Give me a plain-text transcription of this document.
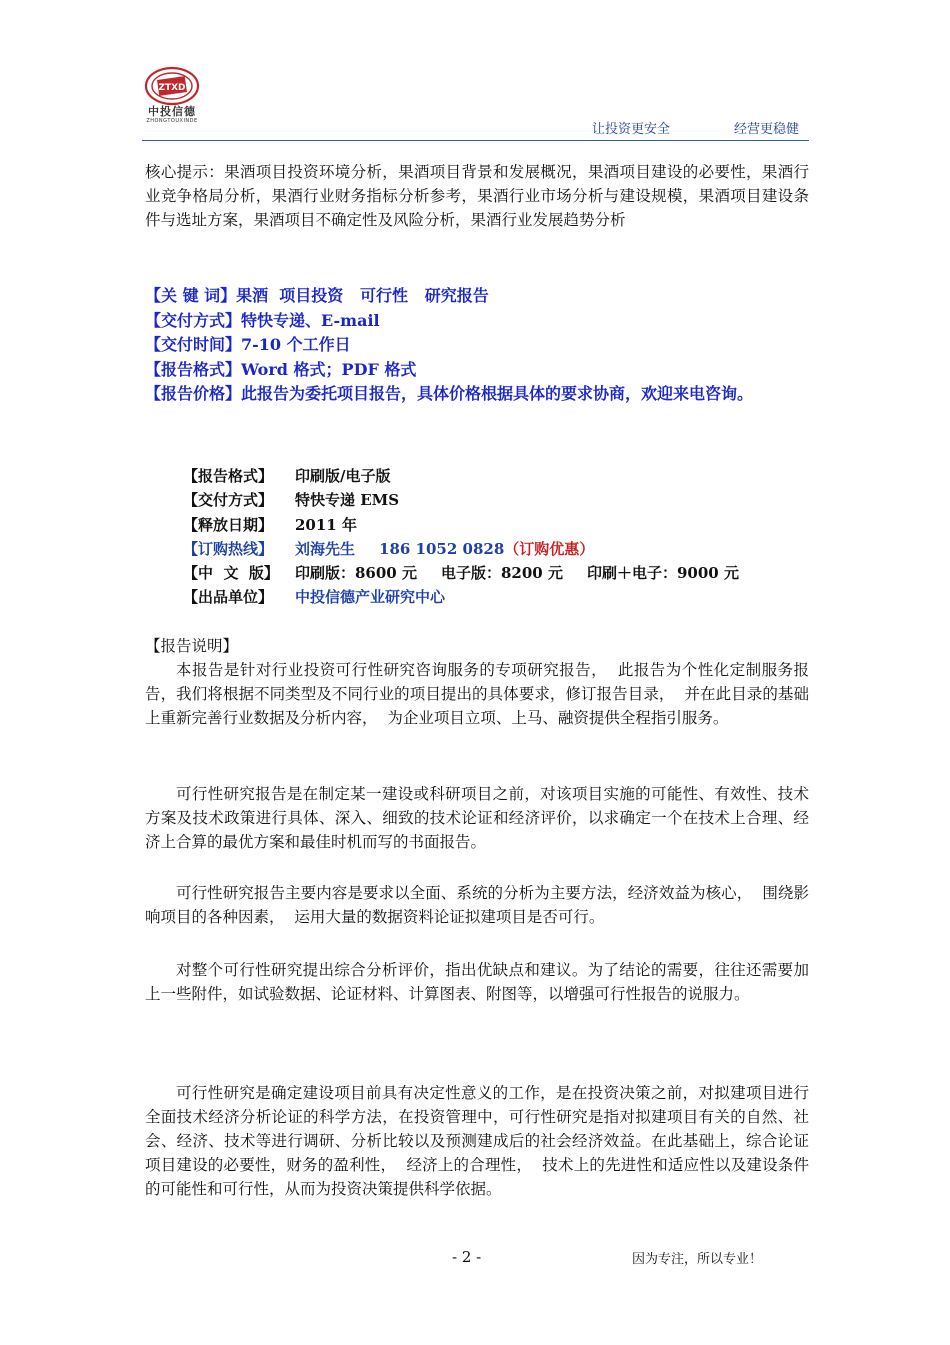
ZTXD
中投信德
ZHONGTOUXINDE
让投资更安全	经营更稳健
核心提示：果酒项目投资环境分析，果酒项目背景和发展概况，果酒项目建设的必要性，果酒行业竞争格局分析，果酒行业财务指标分析参考，果酒行业市场分析与建设规模，果酒项目建设条件与选址方案，果酒项目不确定性及风险分析，果酒行业发展趋势分析
【关 键 词】果酒  项目投资   可行性   研究报告
【交付方式】特快专递、E-mail
【交付时间】7-10 个工作日
【报告格式】Word 格式；PDF 格式
【报告价格】此报告为委托项目报告，具体价格根据具体的要求协商，欢迎来电咨询。
【报告格式】 印刷版/电子版
【交付方式】 特快专递 EMS
【释放日期】 2011 年
【订购热线】 刘海先生 186 1052 0828（订购优惠）
【中  文  版】 印刷版：8600 元 电子版：8200 元 印刷＋电子：9000 元
【出品单位】 中投信德产业研究中心
【报告说明】
本报告是针对行业投资可行性研究咨询服务的专项研究报告，  此报告为个性化定制服务报告，我们将根据不同类型及不同行业的项目提出的具体要求，修订报告目录，  并在此目录的基础上重新完善行业数据及分析内容，  为企业项目立项、上马、融资提供全程指引服务。
可行性研究报告是在制定某一建设或科研项目之前，对该项目实施的可能性、有效性、技术方案及技术政策进行具体、深入、细致的技术论证和经济评价，以求确定一个在技术上合理、经济上合算的最优方案和最佳时机而写的书面报告。
可行性研究报告主要内容是要求以全面、系统的分析为主要方法，经济效益为核心，  围绕影响项目的各种因素，  运用大量的数据资料论证拟建项目是否可行。
对整个可行性研究提出综合分析评价，指出优缺点和建议。为了结论的需要，往往还需要加上一些附件，如试验数据、论证材料、计算图表、附图等，以增强可行性报告的说服力。
可行性研究是确定建设项目前具有决定性意义的工作，是在投资决策之前，对拟建项目进行全面技术经济分析论证的科学方法，在投资管理中，可行性研究是指对拟建项目有关的自然、社会、经济、技术等进行调研、分析比较以及预测建成后的社会经济效益。在此基础上，综合论证项目建设的必要性，财务的盈利性，  经济上的合理性，  技术上的先进性和适应性以及建设条件的可能性和可行性，从而为投资决策提供科学依据。
- 2 -	因为专注，所以专业！
